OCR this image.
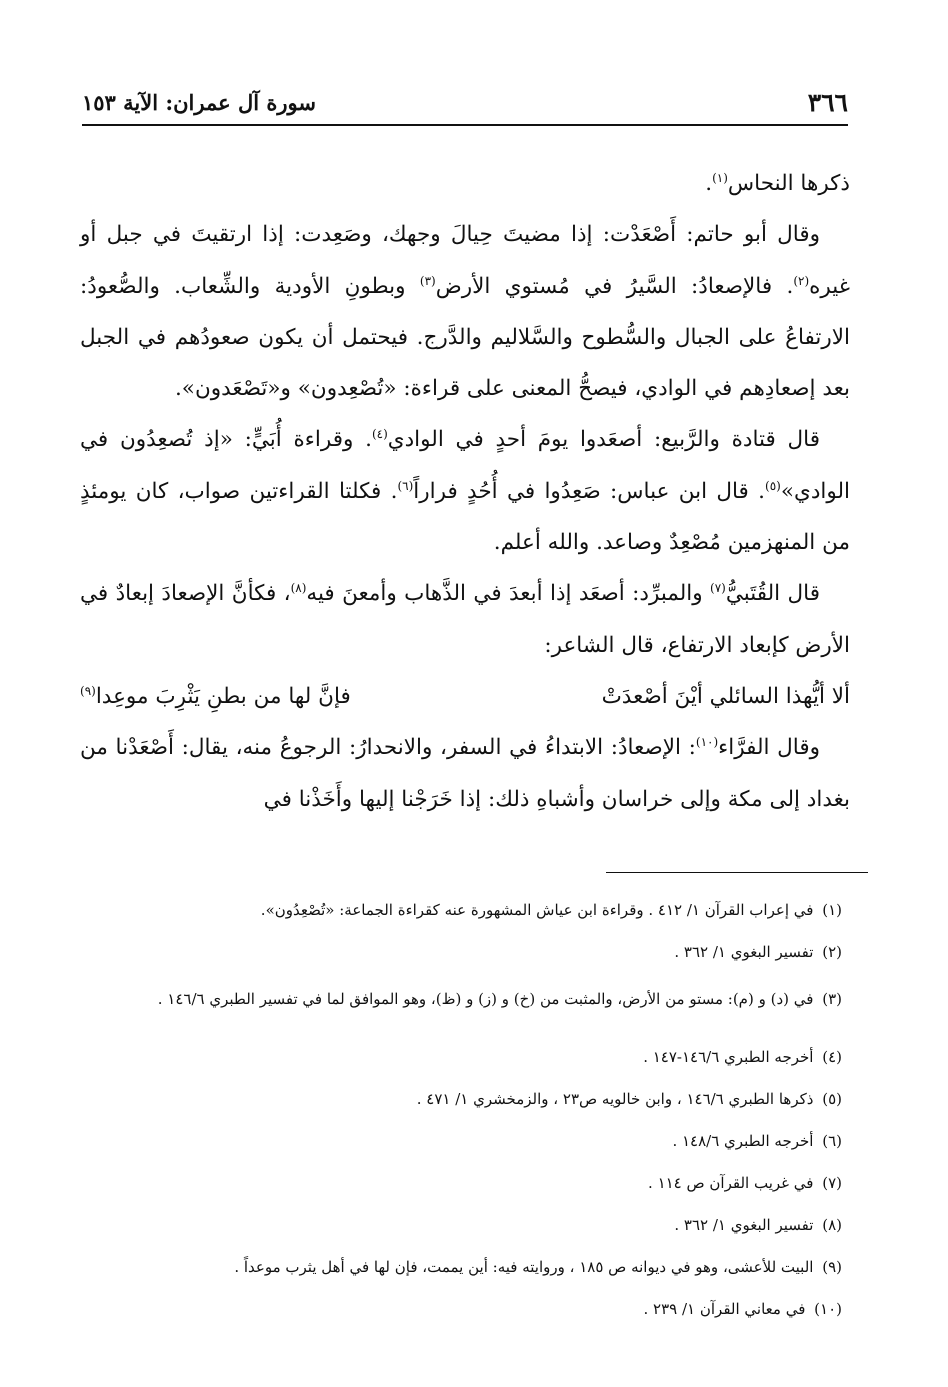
٣٦٦
سورة آل عمران: الآية ١٥٣

ذكرها النحاس$^{(١)}$.

وقال أبو حاتم: أَصْعَدْت: إذا مضيتَ حِيالَ وجهك، وصَعِدت: إذا ارتقيتَ في جبل أو غيره$^{(٢)}$. فالإصعادُ: السَّيرُ في مُستوي الأرض$^{(٣)}$ وبطونِ الأودية والشِّعاب. والصُّعودُ: الارتفاعُ على الجبال والسُّطوح والسَّلاليم والدَّرج. فيحتمل أن يكون صعودُهم في الجبل بعد إصعادِهم في الوادي، فيصحُّ المعنى على قراءة: «تُصْعِدون» و«تَصْعَدون».

قال قتادة والرَّبيع: أصعَدوا يومَ أحدٍ في الوادي$^{(٤)}$. وقراءة أُبَيٍّ: «إذ تُصعِدُون في الوادي»$^{(٥)}$. قال ابن عباس: صَعِدُوا في أُحُدٍ فراراً$^{(٦)}$. فكلتا القراءتين صواب، كان يومئذٍ من المنهزمين مُصْعِدٌ وصاعد. والله أعلم.

قال القُتَبيُّ$^{(٧)}$ والمبرِّد: أصعَد إذا أبعدَ في الذَّهاب وأمعنَ فيه$^{(٨)}$، فكأنَّ الإصعادَ إبعادٌ في الأرض كإبعاد الارتفاع، قال الشاعر:

ألا أيُّهذا السائلي أيْنَ أصْعدَتْ
فإنَّ لها من بطنِ يَثْرِبَ موعِدا$^{(٩)}$

وقال الفرَّاء$^{(١٠)}$: الإصعادُ: الابتداءُ في السفر، والانحدارُ: الرجوعُ منه، يقال: أَصْعَدْنا من بغداد إلى مكة وإلى خراسان وأشباهِ ذلك: إذا خَرَجْنا إليها وأَخَذْنا في

(١) في إعراب القرآن ١/ ٤١٢ . وقراءة ابن عياش المشهورة عنه كقراءة الجماعة: «تُصْعِدُون».
(٢) تفسير البغوي ١/ ٣٦٢ .
(٣) في (د) و (م): مستو من الأرض، والمثبت من (خ) و (ز) و (ظ)، وهو الموافق لما في تفسير الطبري ١٤٦/٦ .
(٤) أخرجه الطبري ١٤٦/٦-١٤٧ .
(٥) ذكرها الطبري ١٤٦/٦ ، وابن خالويه ص٢٣ ، والزمخشري ١/ ٤٧١ .
(٦) أخرجه الطبري ١٤٨/٦ .
(٧) في غريب القرآن ص ١١٤ .
(٨) تفسير البغوي ١/ ٣٦٢ .
(٩) البيت للأعشى، وهو في ديوانه ص ١٨٥ ، وروايته فيه: أين يممت، فإن لها في أهل يثرب موعداً .
(١٠) في معاني القرآن ١/ ٢٣٩ .
